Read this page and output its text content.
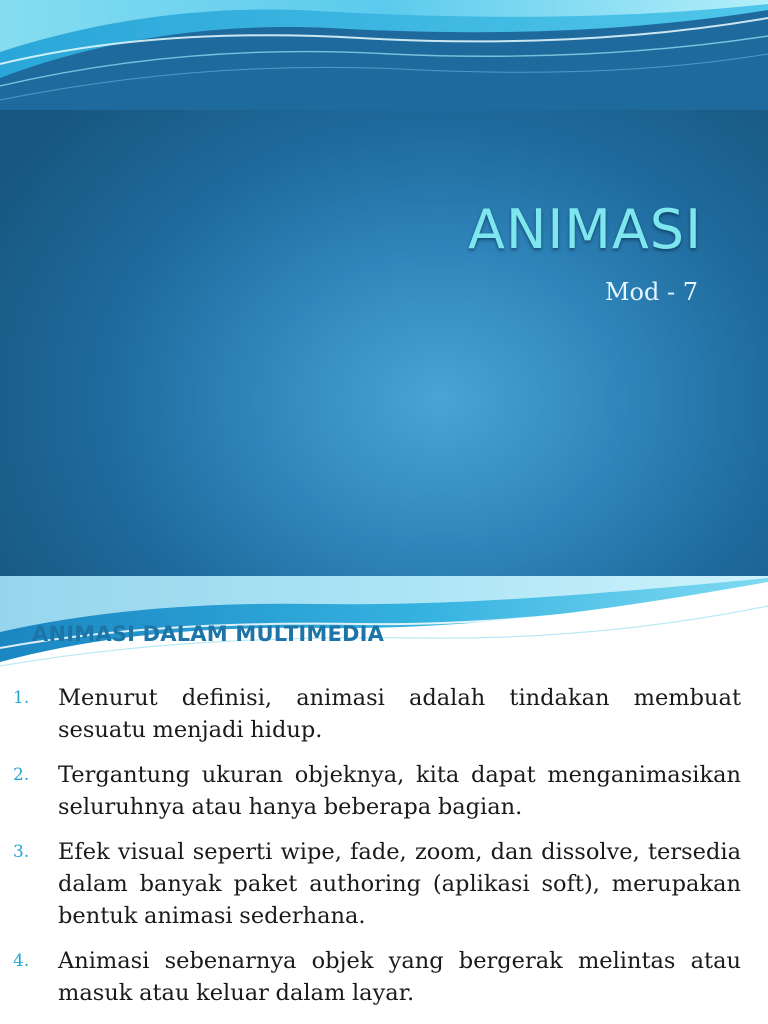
ANIMASI
Mod - 7
ANIMASI DALAM MULTIMEDIA
1.	Menurut definisi, animasi adalah tindakan membuat sesuatu menjadi hidup.
2.	Tergantung ukuran objeknya, kita dapat menganimasikan seluruhnya atau hanya beberapa bagian.
3.	Efek visual seperti wipe, fade, zoom, dan dissolve, tersedia dalam banyak paket authoring (aplikasi soft), merupakan bentuk animasi sederhana.
4.	Animasi sebenarnya objek yang bergerak melintas atau masuk atau keluar dalam layar.
